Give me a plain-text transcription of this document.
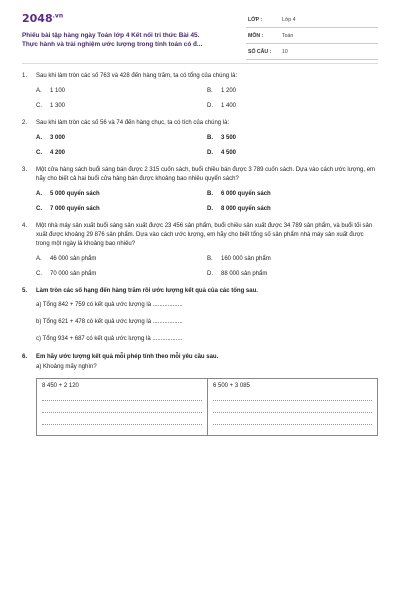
$2048^{.vn}$
Phiếu bài tập hàng ngày Toán lớp 4 Kết nối tri thức Bài 45.
Thực hành và trải nghiệm ước lượng trong tính toán có đ...
LỚP :	Lớp 4
MÔN :	Toán
SỐ CÂU : 10
1. Sau khi làm tròn các số 763 và 428 đến hàng trăm, ta có tổng của chúng là:
A. 1 100	B. 1 200
C. 1 300	D. 1 400
2. Sau khi làm tròn các số 56 và 74 đến hàng chục, ta có tích của chúng là:
A. 3 000	B. 3 500
C. 4 200	D. 4 500
3. Một cửa hàng sách buổi sáng bán được 2 315 cuốn sách, buổi chiều bán được 3 789 cuốn sách. Dựa vào cách ước lượng, em hãy cho biết cả hai buổi cửa hàng bán được khoảng bao nhiêu quyển sách?
A. 5 000 quyển sách	B. 6 000 quyển sách
C. 7 000 quyển sách	D. 8 000 quyển sách
4. Một nhà máy sản xuất buổi sáng sản xuất được 23 456 sản phẩm, buổi chiều sản xuất được 34 789 sản phẩm, và buổi tối sản xuất được khoảng 29 876 sản phẩm. Dựa vào cách ước lượng, em hãy cho biết tổng số sản phẩm nhà máy sản xuất được trong một ngày là khoảng bao nhiêu?
A. 46 000 sản phẩm	B. 160 000 sản phẩm
C. 70 000 sản phẩm	D. 88 000 sản phẩm
5. Làm tròn các số hạng đến hàng trăm rồi ước lượng kết quả của các tổng sau.
a) Tổng 842 + 759 có kết quả ước lượng là ..................
b) Tổng 621 + 478 có kết quả ước lượng là ..................
c) Tổng 934 + 687 có kết quả ước lượng là ..................
6. Em hãy ước lượng kết quả mỗi phép tính theo mỗi yêu cầu sau.
a) Khoảng mấy nghìn?
8 450 + 2 120	6 500 + 3 085
